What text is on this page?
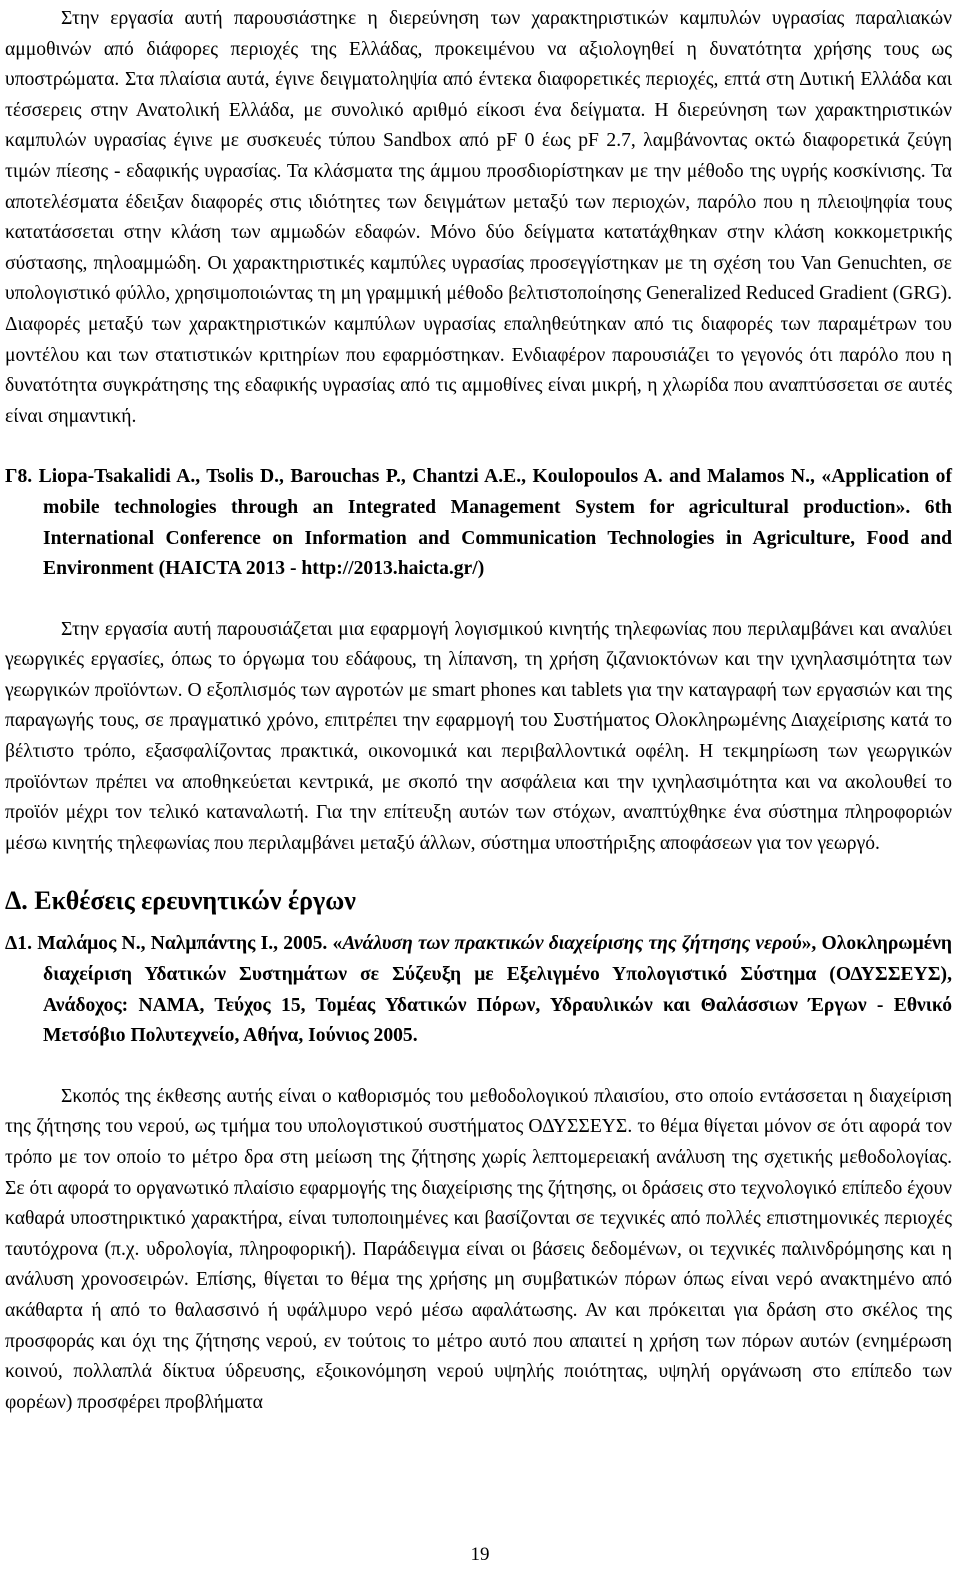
Στην εργασία αυτή παρουσιάστηκε η διερεύνηση των χαρακτηριστικών καμπυλών υγρασίας παραλιακών αμμοθινών από διάφορες περιοχές της Ελλάδας, προκειμένου να αξιολογηθεί η δυνατότητα χρήσης τους ως υποστρώματα. Στα πλαίσια αυτά, έγινε δειγματοληψία από έντεκα διαφορετικές περιοχές, επτά στη Δυτική Ελλάδα και τέσσερεις στην Ανατολική Ελλάδα, με συνολικό αριθμό είκοσι ένα δείγματα. Η διερεύνηση των χαρακτηριστικών καμπυλών υγρασίας έγινε με συσκευές τύπου Sandbox από pF 0 έως pF 2.7, λαμβάνοντας οκτώ διαφορετικά ζεύγη τιμών πίεσης - εδαφικής υγρασίας. Τα κλάσματα της άμμου προσδιορίστηκαν με την μέθοδο της υγρής κοσκίνισης. Τα αποτελέσματα έδειξαν διαφορές στις ιδιότητες των δειγμάτων μεταξύ των περιοχών, παρόλο που η πλειοψηφία τους κατατάσσεται στην κλάση των αμμωδών εδαφών. Μόνο δύο δείγματα κατατάχθηκαν στην κλάση κοκκομετρικής σύστασης, πηλοαμμώδη. Οι χαρακτηριστικές καμπύλες υγρασίας προσεγγίστηκαν με τη σχέση του Van Genuchten, σε υπολογιστικό φύλλο, χρησιμοποιώντας τη μη γραμμική μέθοδο βελτιστοποίησης Generalized Reduced Gradient (GRG). Διαφορές μεταξύ των χαρακτηριστικών καμπύλων υγρασίας επαληθεύτηκαν από τις διαφορές των παραμέτρων του μοντέλου και των στατιστικών κριτηρίων που εφαρμόστηκαν. Ενδιαφέρον παρουσιάζει το γεγονός ότι παρόλο που η δυνατότητα συγκράτησης της εδαφικής υγρασίας από τις αμμοθίνες είναι μικρή, η χλωρίδα που αναπτύσσεται σε αυτές είναι σημαντική.

Γ8. Liopa-Tsakalidi A., Tsolis D., Barouchas P., Chantzi A.E., Koulopoulos A. and Malamos N., «Application of mobile technologies through an Integrated Management System for agricultural production». 6th International Conference on Information and Communication Technologies in Agriculture, Food and Environment (HAICTA 2013 - http://2013.haicta.gr/)

Στην εργασία αυτή παρουσιάζεται μια εφαρμογή λογισμικού κινητής τηλεφωνίας που περιλαμβάνει και αναλύει γεωργικές εργασίες, όπως το όργωμα του εδάφους, τη λίπανση, τη χρήση ζιζανιοκτόνων και την ιχνηλασιμότητα των γεωργικών προϊόντων. Ο εξοπλισμός των αγροτών με smart phones και tablets για την καταγραφή των εργασιών και της παραγωγής τους, σε πραγματικό χρόνο, επιτρέπει την εφαρμογή του Συστήματος Ολοκληρωμένης Διαχείρισης κατά το βέλτιστο τρόπο, εξασφαλίζοντας πρακτικά, οικονομικά και περιβαλλοντικά οφέλη. Η τεκμηρίωση των γεωργικών προϊόντων πρέπει να αποθηκεύεται κεντρικά, με σκοπό την ασφάλεια και την ιχνηλασιμότητα και να ακολουθεί το προϊόν μέχρι τον τελικό καταναλωτή. Για την επίτευξη αυτών των στόχων, αναπτύχθηκε ένα σύστημα πληροφοριών μέσω κινητής τηλεφωνίας που περιλαμβάνει μεταξύ άλλων, σύστημα υποστήριξης αποφάσεων για τον γεωργό.

Δ. Εκθέσεις ερευνητικών έργων

Δ1. Μαλάμος Ν., Ναλμπάντης Ι., 2005. «Ανάλυση των πρακτικών διαχείρισης της ζήτησης νερού», Ολοκληρωμένη διαχείριση Υδατικών Συστημάτων σε Σύζευξη με Εξελιγμένο Υπολογιστικό Σύστημα (ΟΔΥΣΣΕΥΣ), Ανάδοχος: ΝΑΜΑ, Τεύχος 15, Τομέας Υδατικών Πόρων, Υδραυλικών και Θαλάσσιων Έργων - Εθνικό Μετσόβιο Πολυτεχνείο, Αθήνα, Ιούνιος 2005.

Σκοπός της έκθεσης αυτής είναι ο καθορισμός του μεθοδολογικού πλαισίου, στο οποίο εντάσσεται η διαχείριση της ζήτησης του νερού, ως τμήμα του υπολογιστικού συστήματος ΟΔΥΣΣΕΥΣ. το θέμα θίγεται μόνον σε ότι αφορά τον τρόπο με τον οποίο το μέτρο δρα στη μείωση της ζήτησης χωρίς λεπτομερειακή ανάλυση της σχετικής μεθοδολογίας. Σε ότι αφορά το οργανωτικό πλαίσιο εφαρμογής της διαχείρισης της ζήτησης, οι δράσεις στο τεχνολογικό επίπεδο έχουν καθαρά υποστηρικτικό χαρακτήρα, είναι τυποποιημένες και βασίζονται σε τεχνικές από πολλές επιστημονικές περιοχές ταυτόχρονα (π.χ. υδρολογία, πληροφορική). Παράδειγμα είναι οι βάσεις δεδομένων, οι τεχνικές παλινδρόμησης και η ανάλυση χρονοσειρών. Επίσης, θίγεται το θέμα της χρήσης μη συμβατικών πόρων όπως είναι νερό ανακτημένο από ακάθαρτα ή από το θαλασσινό ή υφάλμυρο νερό μέσω αφαλάτωσης. Αν και πρόκειται για δράση στο σκέλος της προσφοράς και όχι της ζήτησης νερού, εν τούτοις το μέτρο αυτό που απαιτεί η χρήση των πόρων αυτών (ενημέρωση κοινού, πολλαπλά δίκτυα ύδρευσης, εξοικονόμηση νερού υψηλής ποιότητας, υψηλή οργάνωση στο επίπεδο των φορέων) προσφέρει προβλήματα

19
